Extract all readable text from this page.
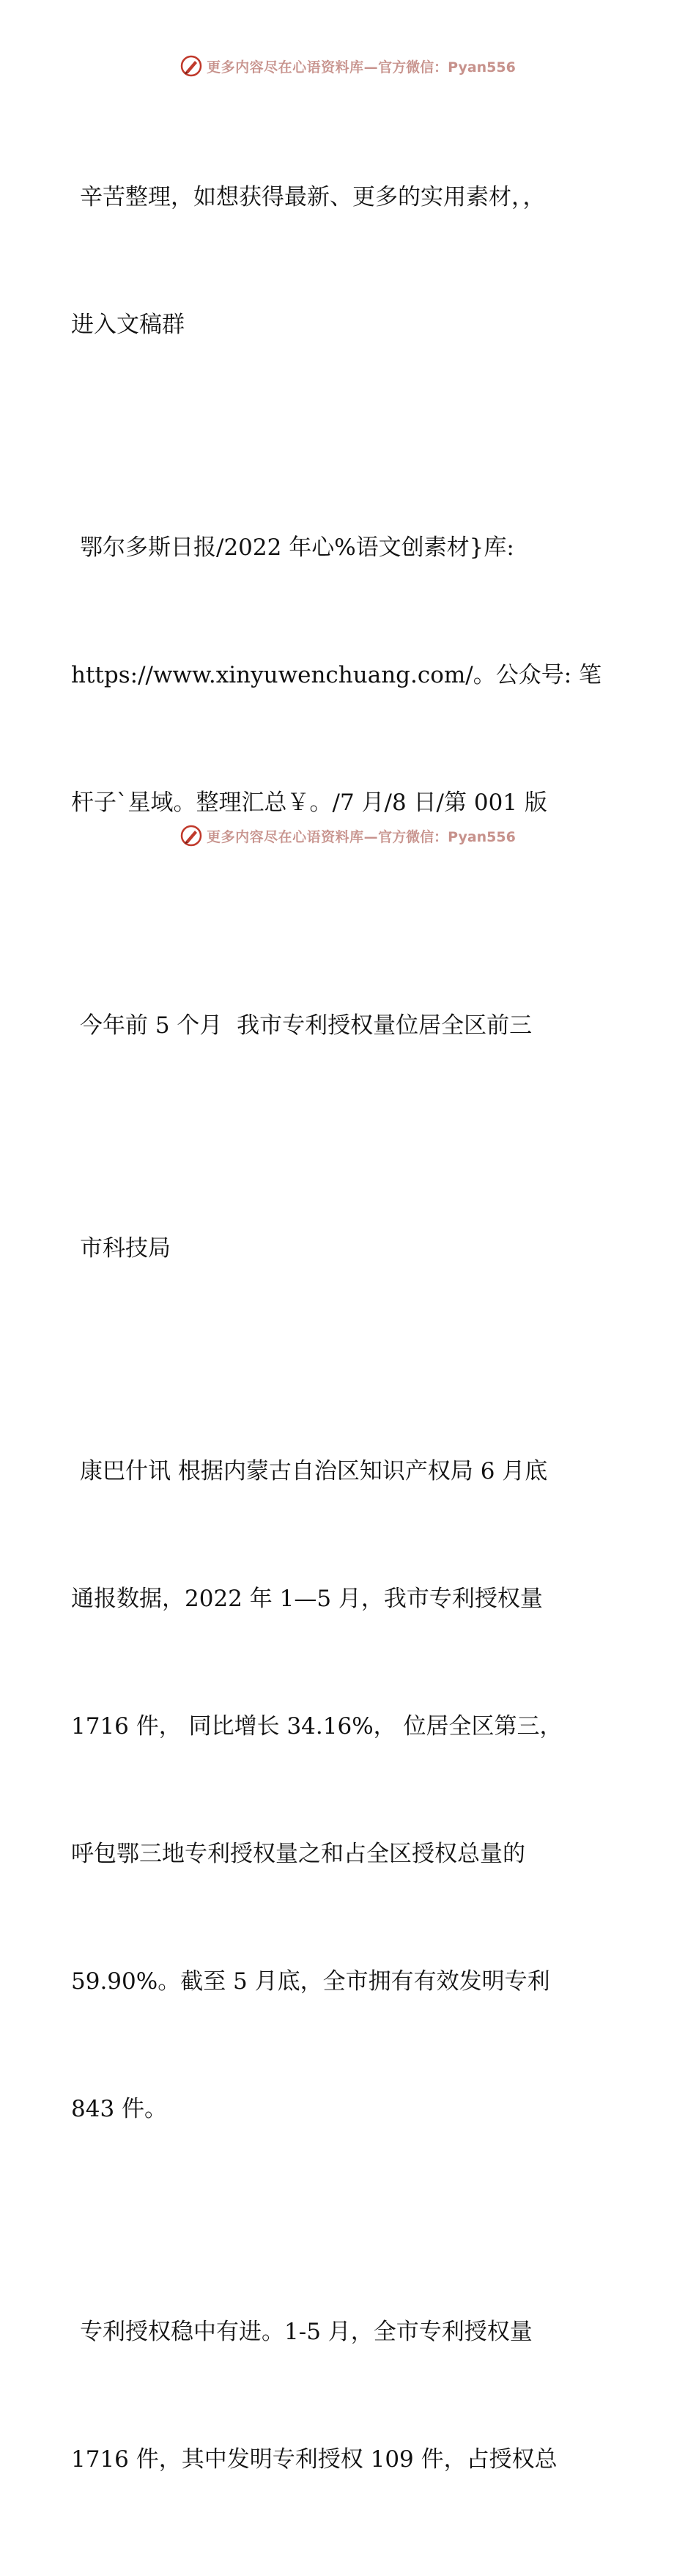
更多内容尽在心语资料库— 官方微信：Pyan556

辛苦整理，如想获得最新、更多的实用素材，，

进入文稿群

鄂尔多斯日报/2022 年心%语文创素材}库:

https://www.xinyuwenchuang.com/。公众号: 笔

杆子`星域。整理汇总￥。/7 月/8 日/第 001 版

今年前 5 个月  我市专利授权量位居全区前三

市科技局

康巴什讯 根据内蒙古自治区知识产权局 6 月底

通报数据，2022 年 1—5 月，我市专利授权量

1716 件， 同比增长 34.16%， 位居全区第三，

呼包鄂三地专利授权量之和占全区授权总量的

59.90%。截至 5 月底，全市拥有有效发明专利

843 件。

专利授权稳中有进。1-5 月，全市专利授权量

1716 件，其中发明专利授权 109 件，占授权总

更多内容尽在心语资料库— 官方微信：Pyan556
